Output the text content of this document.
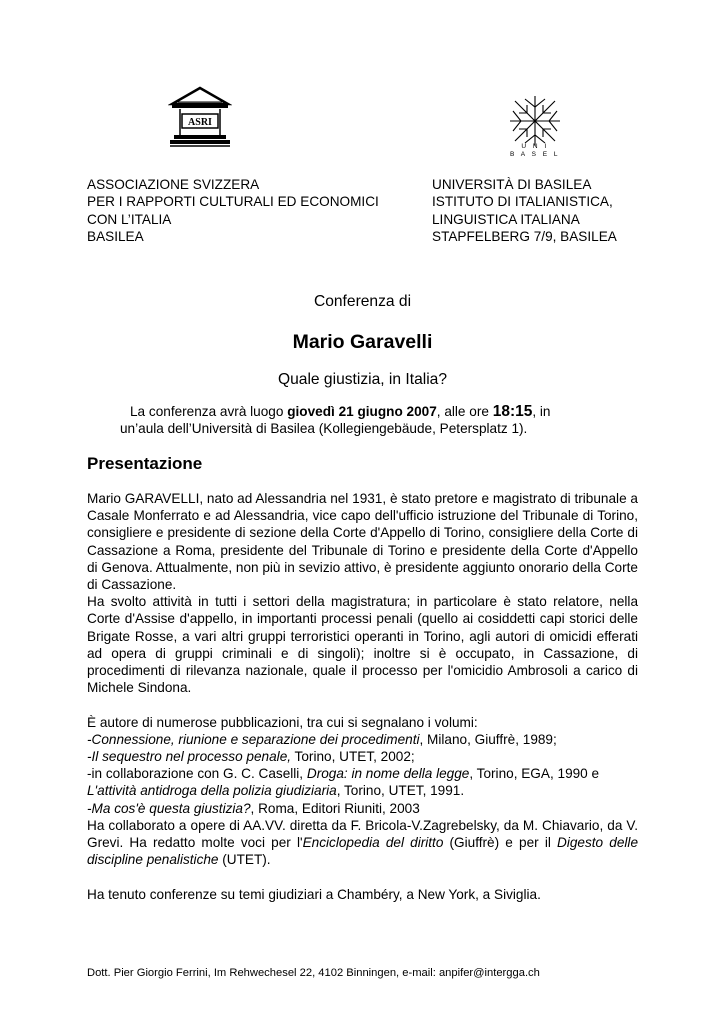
ASRI
U N I
B A S E L
ASSOCIAZIONE SVIZZERA
PER I RAPPORTI CULTURALI ED ECONOMICI
CON L’ITALIA
BASILEA
UNIVERSITÀ DI BASILEA
ISTITUTO DI ITALIANISTICA,
LINGUISTICA ITALIANA
STAPFELBERG 7/9, BASILEA
Conferenza di
Mario Garavelli
Quale giustizia, in Italia?
La conferenza avrà luogo giovedì 21 giugno 2007, alle ore 18:15, in
un’aula dell’Università di Basilea (Kollegiengebäude, Petersplatz 1).
Presentazione

Mario GARAVELLI, nato ad Alessandria nel 1931, è stato pretore e magistrato di tribunale a Casale Monferrato e ad Alessandria, vice capo dell'ufficio istruzione del Tribunale di Torino, consigliere e presidente di sezione della Corte d'Appello di Torino, consigliere della Corte di Cassazione a Roma, presidente del Tribunale di Torino e presidente della Corte d'Appello di Genova. Attualmente, non più in sevizio attivo, è presidente aggiunto onorario della Corte di Cassazione.

Ha svolto attività in tutti i settori della magistratura; in particolare è stato relatore, nella Corte d'Assise d'appello, in importanti processi penali (quello ai cosiddetti capi storici delle Brigate Rosse, a vari altri gruppi terroristici operanti in Torino, agli autori di omicidi efferati ad opera di gruppi criminali e di singoli); inoltre si è occupato, in Cassazione, di procedimenti di rilevanza nazionale, quale il processo per l'omicidio Ambrosoli a carico di Michele Sindona.

È autore di numerose pubblicazioni, tra cui si segnalano i volumi:

-Connessione, riunione e separazione dei procedimenti, Milano, Giuffrè, 1989;

-Il sequestro nel processo penale, Torino, UTET, 2002;

-in collaborazione con G. C. Caselli, Droga: in nome della legge, Torino, EGA, 1990 e

L'attività antidroga della polizia giudiziaria, Torino, UTET, 1991.

-Ma cos'è questa giustizia?, Roma, Editori Riuniti, 2003

Ha collaborato a opere di AA.VV. diretta da F. Bricola-V.Zagrebelsky, da M. Chiavario, da V. Grevi. Ha redatto molte voci per l'Enciclopedia del diritto (Giuffrè) e per il Digesto delle discipline penalistiche (UTET).

Ha tenuto conferenze su temi giudiziari a Chambéry, a New York, a Siviglia.

Dott. Pier Giorgio Ferrini, Im Rehwechesel 22, 4102 Binningen, e-mail: anpifer@intergga.ch
